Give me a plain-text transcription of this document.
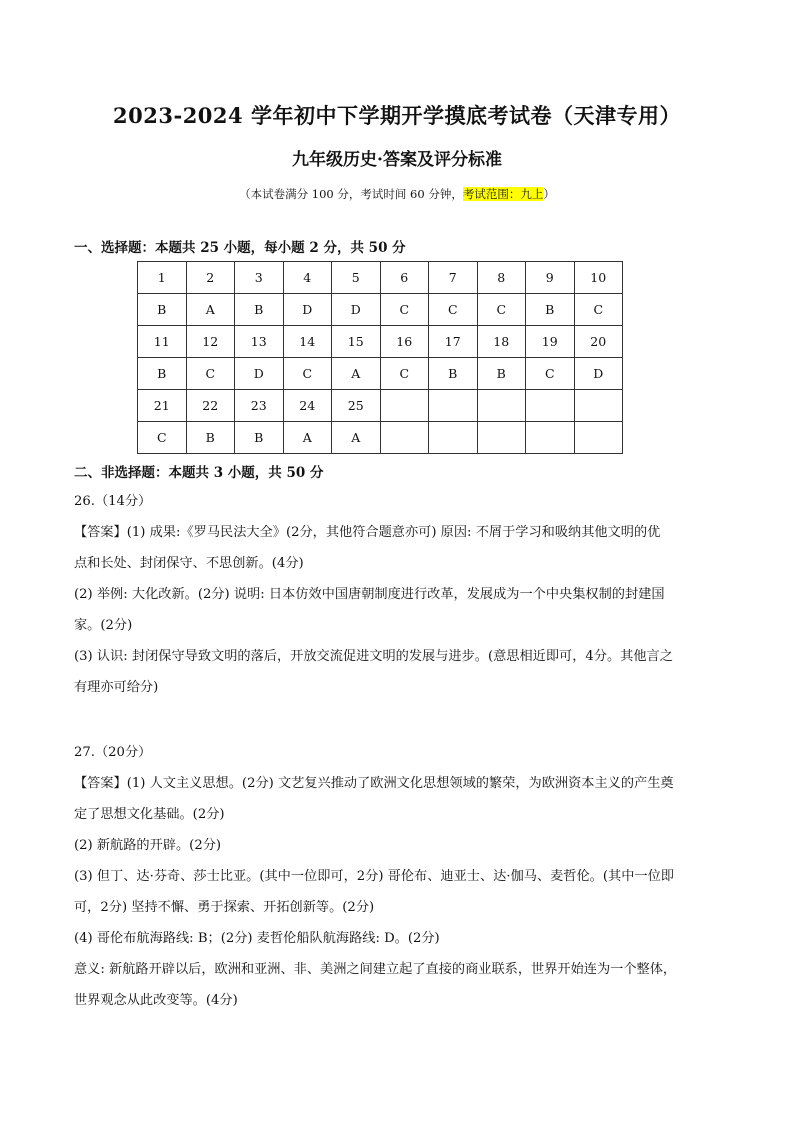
2023-2024 学年初中下学期开学摸底考试卷（天津专用）
九年级历史·答案及评分标准
（本试卷满分 100 分，考试时间 60 分钟，考试范围：九上）
一、选择题：本题共 25 小题，每小题 2 分，共 50 分
1	2	3	4	5	6	7	8	9	10
B	A	B	D	D	C	C	C	B	C
11	12	13	14	15	16	17	18	19	20
B	C	D	C	A	C	B	B	C	D
21	22	23	24	25					
C	B	B	A	A					
二、非选择题：本题共 3 小题，共 50 分

26.（14分）

【答案】(1) 成果:《罗马民法大全》(2分，其他符合题意亦可) 原因: 不屑于学习和吸纳其他文明的优

点和长处、封闭保守、不思创新。(4分)

(2) 举例: 大化改新。(2分) 说明: 日本仿效中国唐朝制度进行改革，发展成为一个中央集权制的封建国

家。(2分)

(3) 认识: 封闭保守导致文明的落后，开放交流促进文明的发展与进步。(意思相近即可，4分。其他言之

有理亦可给分)

27.（20分）

【答案】(1) 人文主义思想。(2分) 文艺复兴推动了欧洲文化思想领域的繁荣，为欧洲资本主义的产生奠

定了思想文化基础。(2分)

(2) 新航路的开辟。(2分)

(3) 但丁、达·芬奇、莎士比亚。(其中一位即可，2分) 哥伦布、迪亚士、达·伽马、麦哲伦。(其中一位即

可，2分) 坚持不懈、勇于探索、开拓创新等。(2分)

(4) 哥伦布航海路线: B；(2分) 麦哲伦船队航海路线: D。(2分)

意义: 新航路开辟以后，欧洲和亚洲、非、美洲之间建立起了直接的商业联系，世界开始连为一个整体，

世界观念从此改变等。(4分)
